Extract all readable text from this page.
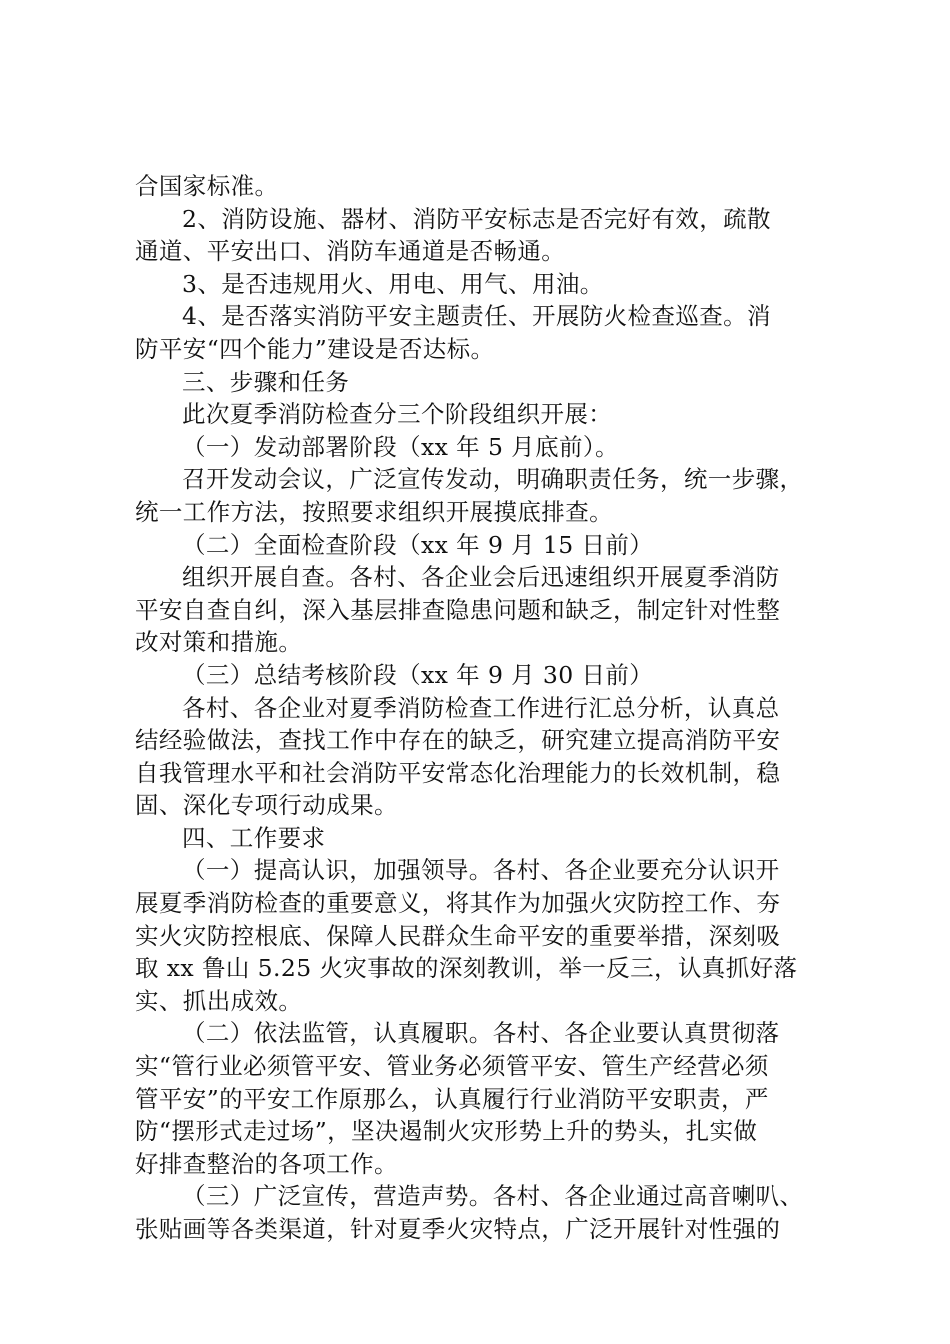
合国家标准。
2、消防设施、器材、消防平安标志是否完好有效，疏散
通道、平安出口、消防车通道是否畅通。
3、是否违规用火、用电、用气、用油。
4、是否落实消防平安主题责任、开展防火检查巡查。消
防平安“四个能力”建设是否达标。
三、步骤和任务
此次夏季消防检查分三个阶段组织开展：
（一）发动部署阶段（xx 年 5 月底前）。
召开发动会议，广泛宣传发动，明确职责任务，统一步骤，
统一工作方法，按照要求组织开展摸底排查。
（二）全面检查阶段（xx 年 9 月 15 日前）
组织开展自查。各村、各企业会后迅速组织开展夏季消防
平安自查自纠，深入基层排查隐患问题和缺乏，制定针对性整
改对策和措施。
（三）总结考核阶段（xx 年 9 月 30 日前）
各村、各企业对夏季消防检查工作进行汇总分析，认真总
结经验做法，查找工作中存在的缺乏，研究建立提高消防平安
自我管理水平和社会消防平安常态化治理能力的长效机制，稳
固、深化专项行动成果。
四、工作要求
（一）提高认识，加强领导。各村、各企业要充分认识开
展夏季消防检查的重要意义，将其作为加强火灾防控工作、夯
实火灾防控根底、保障人民群众生命平安的重要举措，深刻吸
取 xx 鲁山 5.25 火灾事故的深刻教训，举一反三，认真抓好落
实、抓出成效。
（二）依法监管，认真履职。各村、各企业要认真贯彻落
实“管行业必须管平安、管业务必须管平安、管生产经营必须
管平安”的平安工作原那么，认真履行行业消防平安职责，严
防“摆形式走过场”，坚决遏制火灾形势上升的势头，扎实做
好排查整治的各项工作。
（三）广泛宣传，营造声势。各村、各企业通过高音喇叭、
张贴画等各类渠道，针对夏季火灾特点，广泛开展针对性强的
